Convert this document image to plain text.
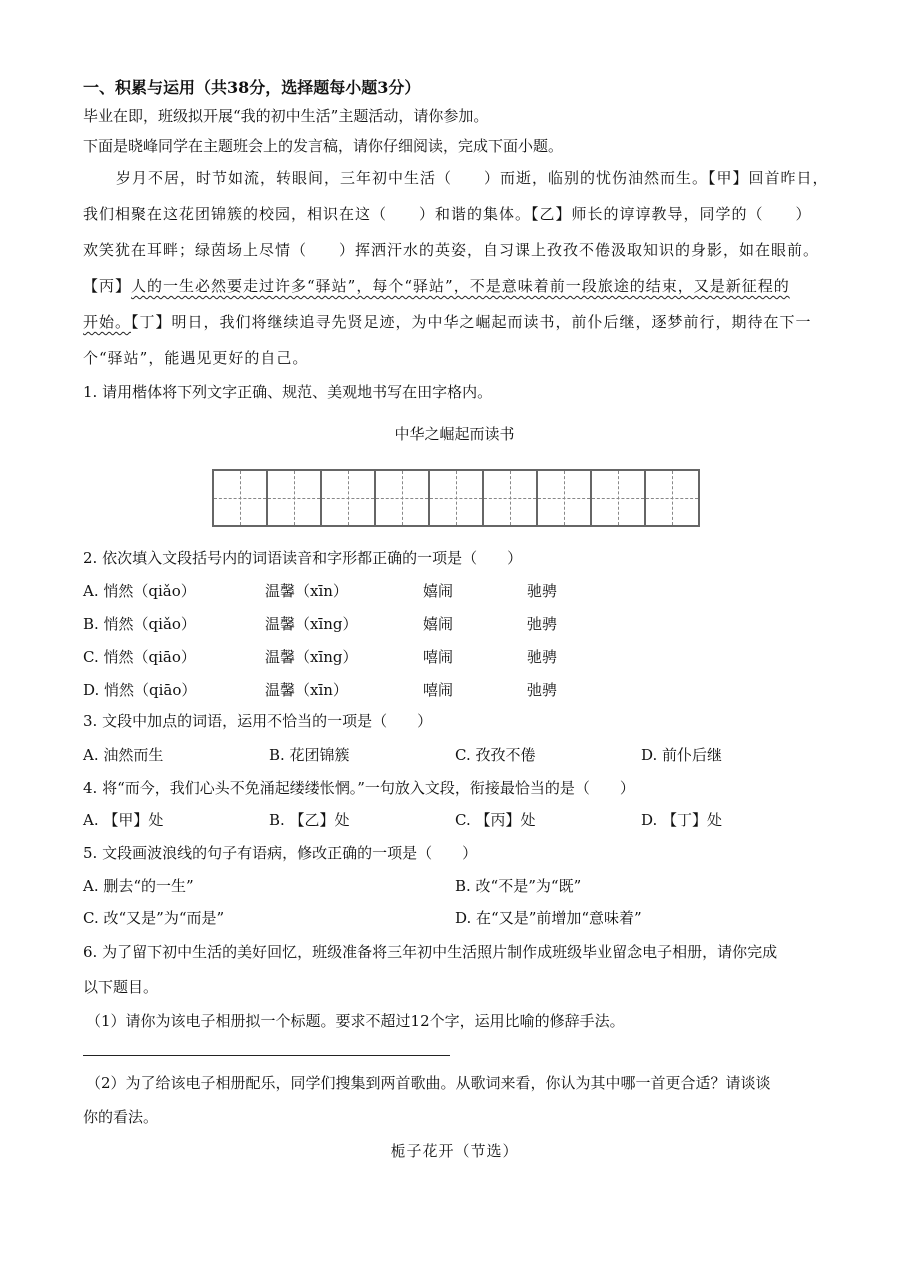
一、积累与运用（共38分，选择题每小题3分）
毕业在即，班级拟开展“我的初中生活”主题活动，请你参加。
下面是晓峰同学在主题班会上的发言稿，请你仔细阅读，完成下面小题。
岁月不居，时节如流，转眼间，三年初中生活（　　）而逝，临别的忧伤油然而生。【甲】回首昨日，
我们相聚在这花团锦簇的校园，相识在这（　　）和谐的集体。【乙】师长的谆谆教导，同学的（　　）
欢笑犹在耳畔；绿茵场上尽情（　　）挥洒汗水的英姿，自习课上孜孜不倦汲取知识的身影，如在眼前。
【丙】人的一生必然要走过许多“驿站”，每个“驿站”，不是意味着前一段旅途的结束，又是新征程的
开始。【丁】明日，我们将继续追寻先贤足迹，为中华之崛起而读书，前仆后继，逐梦前行，期待在下一
个“驿站”，能遇见更好的自己。
1. 请用楷体将下列文字正确、规范、美观地书写在田字格内。
中华之崛起而读书
2. 依次填入文段括号内的词语读音和字形都正确的一项是（　　）
A. 悄然（qiǎo）	温馨（xīn）	嬉闹	驰骋
B. 悄然（qiǎo）	温馨（xīng）	嬉闹	弛骋
C. 悄然（qiāo）	温馨（xīng）	嘻闹	驰骋
D. 悄然（qiāo）	温馨（xīn）	嘻闹	弛骋
3. 文段中加点的词语，运用不恰当的一项是（　　）
A. 油然而生	B. 花团锦簇	C. 孜孜不倦	D. 前仆后继
4. 将“而今，我们心头不免涌起缕缕怅惘。”一句放入文段，衔接最恰当的是（　　）
A. 【甲】处	B. 【乙】处	C. 【丙】处	D. 【丁】处
5. 文段画波浪线的句子有语病，修改正确的一项是（　　）
A. 删去“的一生”	B. 改“不是”为“既”
C. 改“又是”为“而是”	D. 在“又是”前增加“意味着”
6. 为了留下初中生活的美好回忆，班级准备将三年初中生活照片制作成班级毕业留念电子相册，请你完成
以下题目。
（1）请你为该电子相册拟一个标题。要求不超过12个字，运用比喻的修辞手法。
（2）为了给该电子相册配乐，同学们搜集到两首歌曲。从歌词来看，你认为其中哪一首更合适？请谈谈
你的看法。
栀子花开（节选）
